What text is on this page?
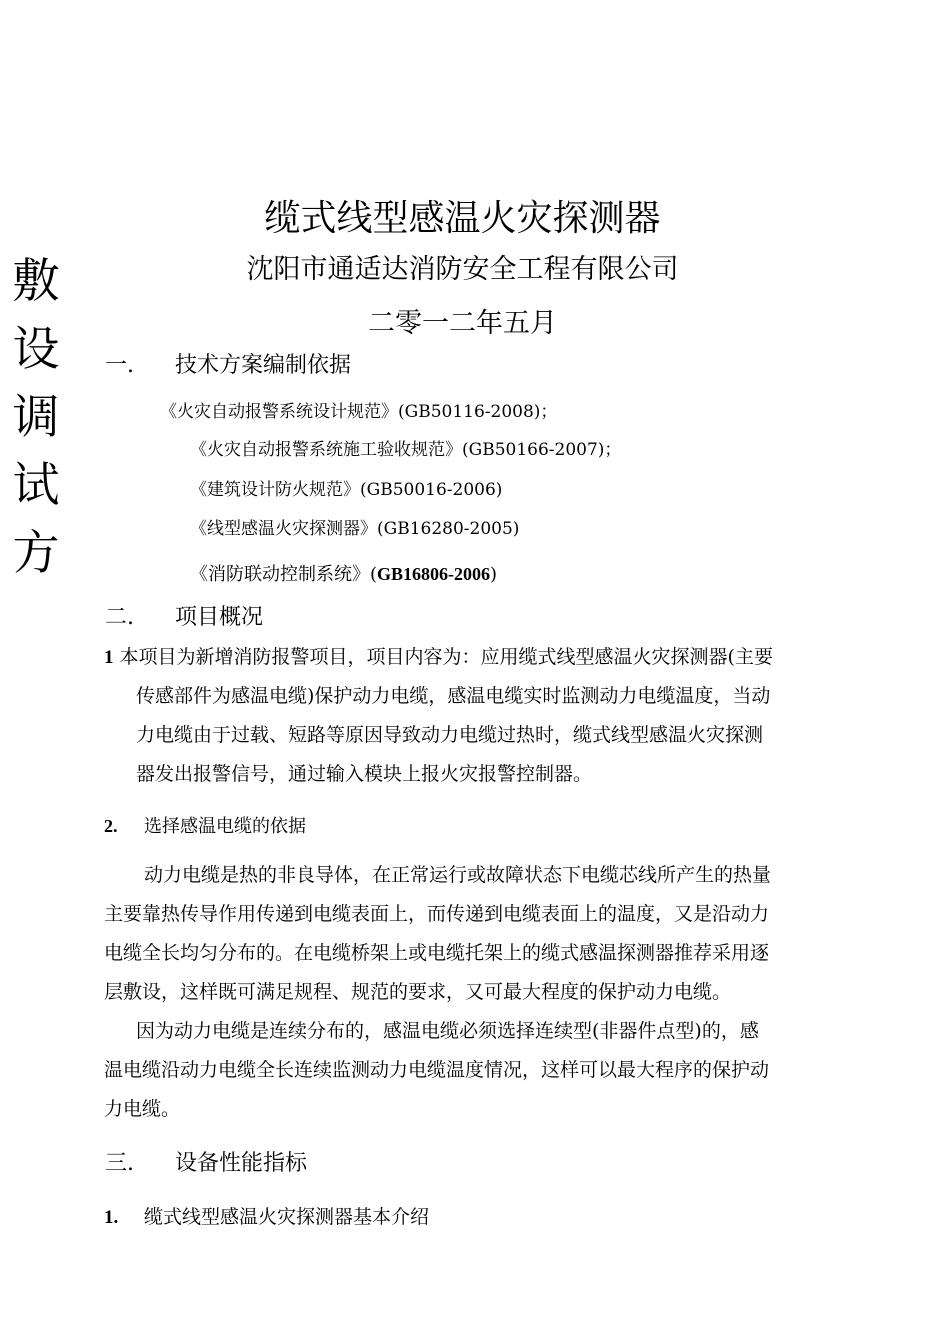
敷
设
调
试
方
缆式线型感温火灾探测器
沈阳市通适达消防安全工程有限公司
二零一二年五月
一. 技术方案编制依据
《火灾自动报警系统设计规范》(GB50116-2008)；
《火灾自动报警系统施工验收规范》(GB50166-2007)；
《建筑设计防火规范》(GB50016-2006)
《线型感温火灾探测器》(GB16280-2005)
《消防联动控制系统》(GB16806-2006)
二. 项目概况
1 本项目为新增消防报警项目，项目内容为：应用缆式线型感温火灾探测器(主要
传感部件为感温电缆)保护动力电缆，感温电缆实时监测动力电缆温度，当动
力电缆由于过载、短路等原因导致动力电缆过热时，缆式线型感温火灾探测
器发出报警信号，通过输入模块上报火灾报警控制器。
2. 选择感温电缆的依据
动力电缆是热的非良导体，在正常运行或故障状态下电缆芯线所产生的热量
主要靠热传导作用传递到电缆表面上，而传递到电缆表面上的温度，又是沿动力
电缆全长均匀分布的。在电缆桥架上或电缆托架上的缆式感温探测器推荐采用逐
层敷设，这样既可满足规程、规范的要求，又可最大程度的保护动力电缆。
因为动力电缆是连续分布的，感温电缆必须选择连续型(非器件点型)的，感
温电缆沿动力电缆全长连续监测动力电缆温度情况，这样可以最大程序的保护动
力电缆。
三. 设备性能指标
1. 缆式线型感温火灾探测器基本介绍
